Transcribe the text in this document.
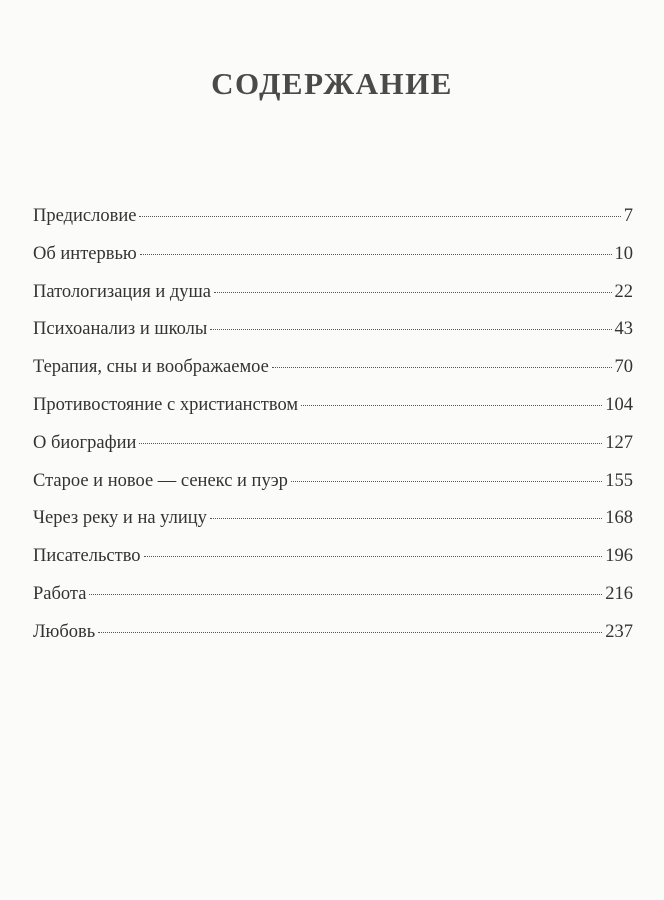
СОДЕРЖАНИЕ
Предисловие	7
Об интервью	10
Патологизация и душа	22
Психоанализ и школы	43
Терапия, сны и воображаемое	70
Противостояние с христианством	104
О биографии	127
Старое и новое — сенекс и пуэр	155
Через реку и на улицу	168
Писательство	196
Работа	216
Любовь	237
